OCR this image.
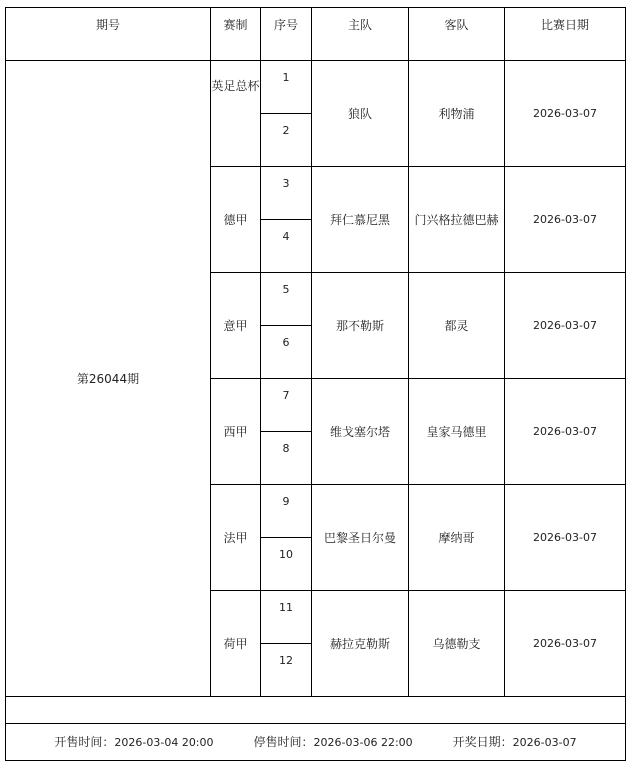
期号	赛制	序号	主队	客队	比赛日期
第26044期	英足总杯	1	狼队	利物浦	2026-03-07
		2			
	德甲	3	拜仁慕尼黑	门兴格拉德巴赫	2026-03-07
		4			
	意甲	5	那不勒斯	都灵	2026-03-07
		6			
	西甲	7	维戈塞尔塔	皇家马德里	2026-03-07
		8			
	法甲	9	巴黎圣日尔曼	摩纳哥	2026-03-07
		10			
	荷甲	11	赫拉克勒斯	乌德勒支	2026-03-07
		12			

开售时间：2026-03-04 20:00 停售时间：2026-03-06 22:00 开奖日期：2026-03-07					
